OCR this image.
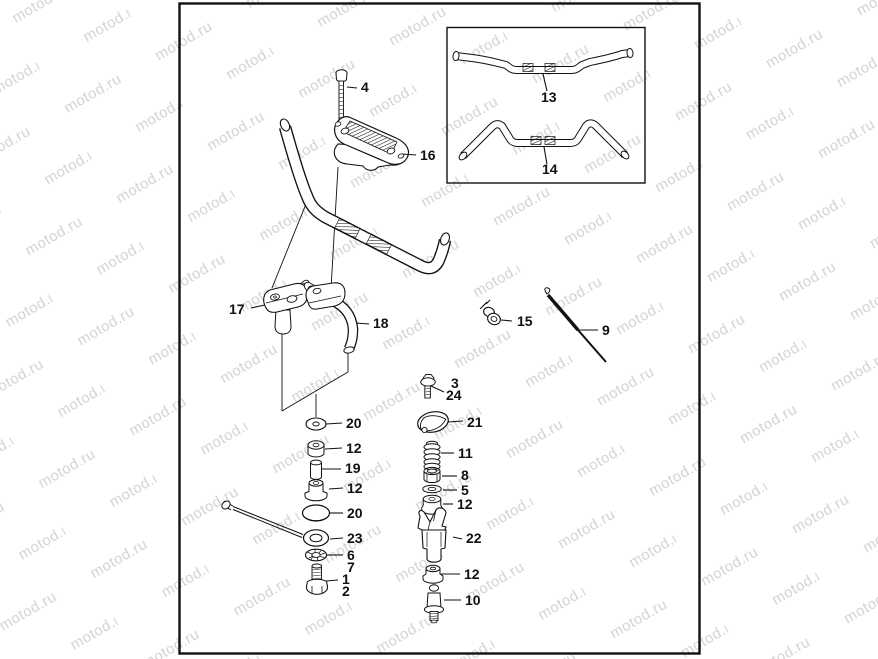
4
16
13
14
17
18	15
9
3
24
21
11
8
5
12
22
12
10
20
12
19
12
20
23
6
7
1
2
